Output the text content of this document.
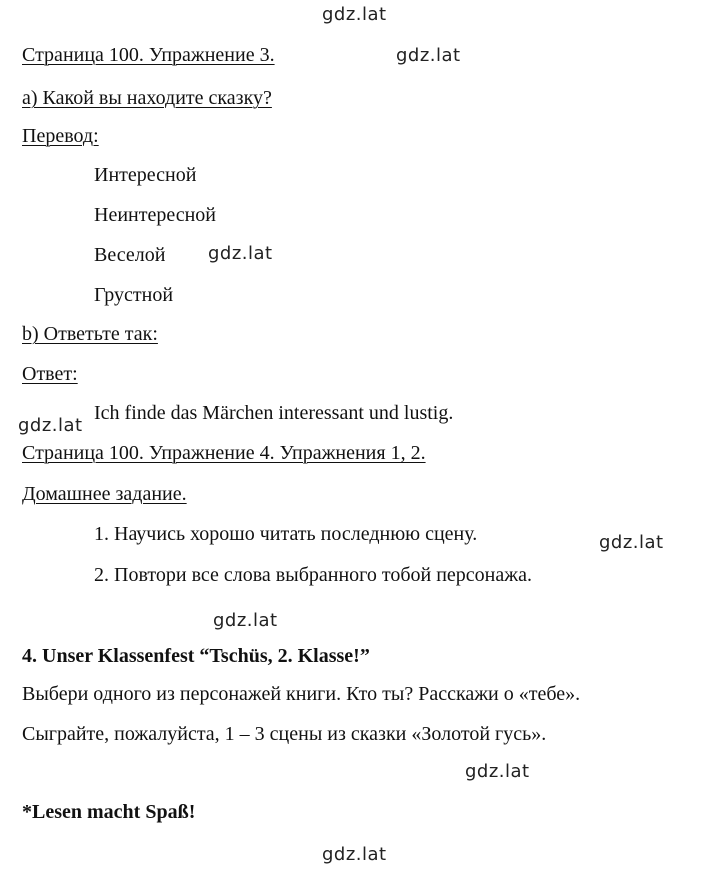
gdz.lat
gdz.lat
gdz.lat
gdz.lat
gdz.lat
gdz.lat
gdz.lat
gdz.lat
Страница 100. Упражнение 3.
а) Какой вы находите сказку?
Перевод:
Интересной
Неинтересной
Веселой
Грустной
b) Ответьте так:
Ответ:
Ich finde das Märchen interessant und lustig.
Страница 100. Упражнение 4. Упражнения 1, 2.
Домашнее задание.
1. Научись хорошо читать последнюю сцену.
2. Повтори все слова выбранного тобой персонажа.
4. Unser Klassenfest “Tschüs, 2. Klasse!”
Выбери одного из персонажей книги. Кто ты? Расскажи о «тебе».
Сыграйте, пожалуйста, 1 – 3 сцены из сказки «Золотой гусь».
*Lesen macht Spaß!
